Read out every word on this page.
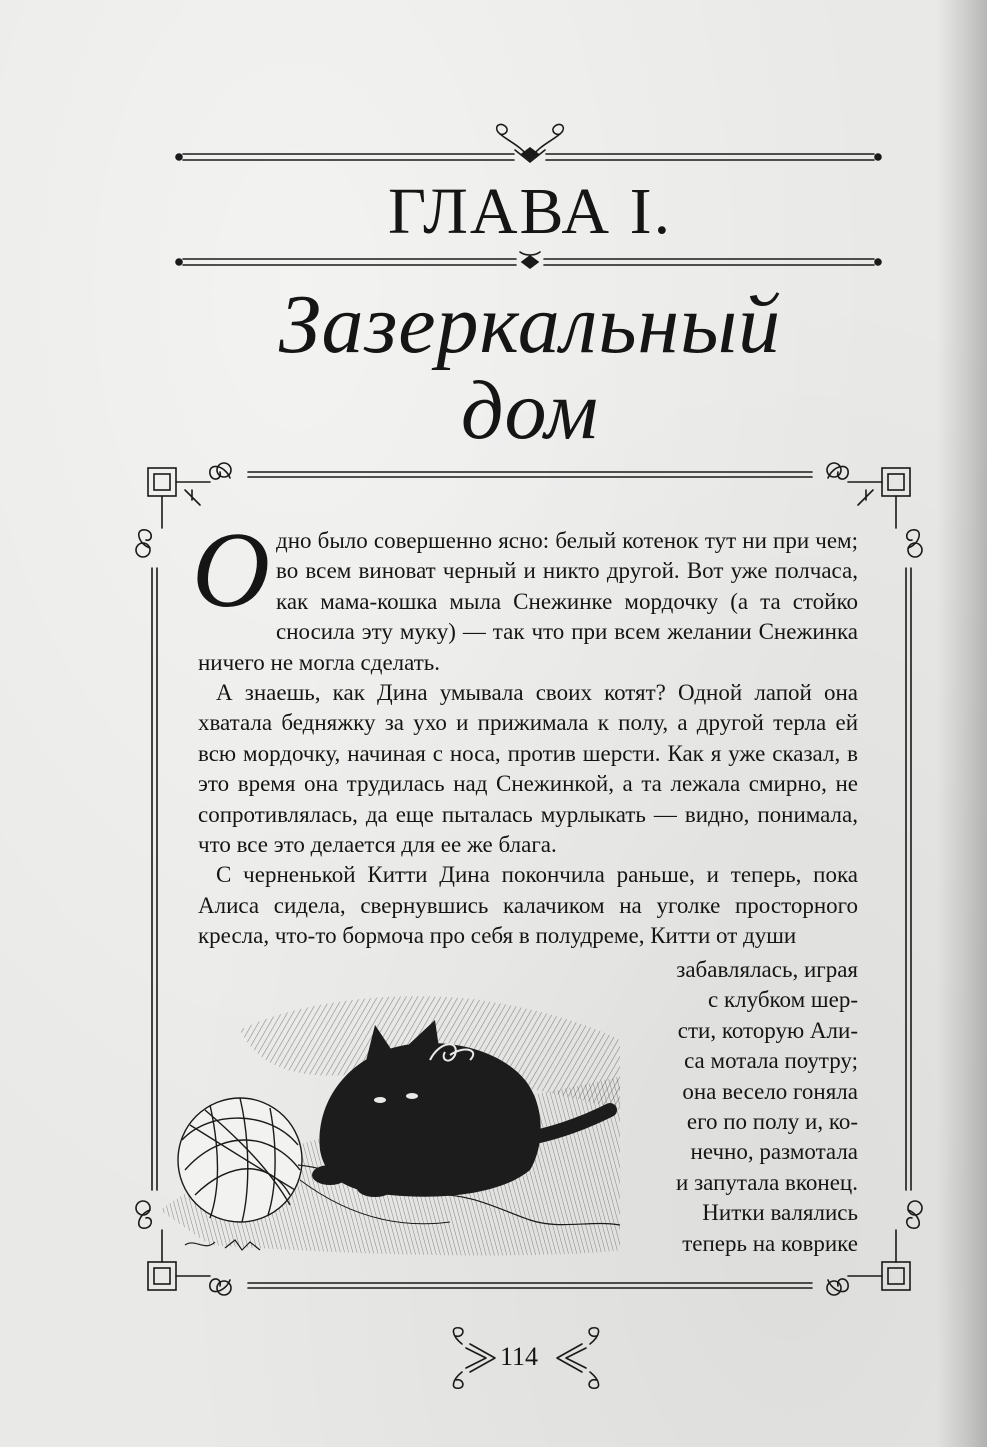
ГЛАВА I.
Зазеркальный
дом

Одно было совершенно ясно: белый котенок тут ни при чем; во всем виноват черный и никто другой. Вот уже полчаса, как мама-кошка мыла Снежинке мордочку (а та стойко сносила эту муку) — так что при всем желании Снежинка ничего не могла сделать.

А знаешь, как Дина умывала своих котят? Одной лапой она хватала бедняжку за ухо и прижимала к полу, а другой терла ей всю мордочку, начиная с носа, против шерсти. Как я уже сказал, в это время она трудилась над Снежинкой, а та лежала смирно, не сопротивлялась, да еще пыталась мурлыкать — видно, понимала, что все это делается для ее же блага.

С черненькой Китти Дина покончила раньше, и теперь, пока Алиса сидела, свернувшись калачиком на уголке просторного кресла, что-то бормоча про себя в полудреме, Китти от души

забавлялась, играя
с клубком шер-
сти, которую Али-
са мотала поутру;
она весело гоняла
его по полу и, ко-
нечно, размотала
и запутала вконец.
Нитки валялись
теперь на коврике
114
